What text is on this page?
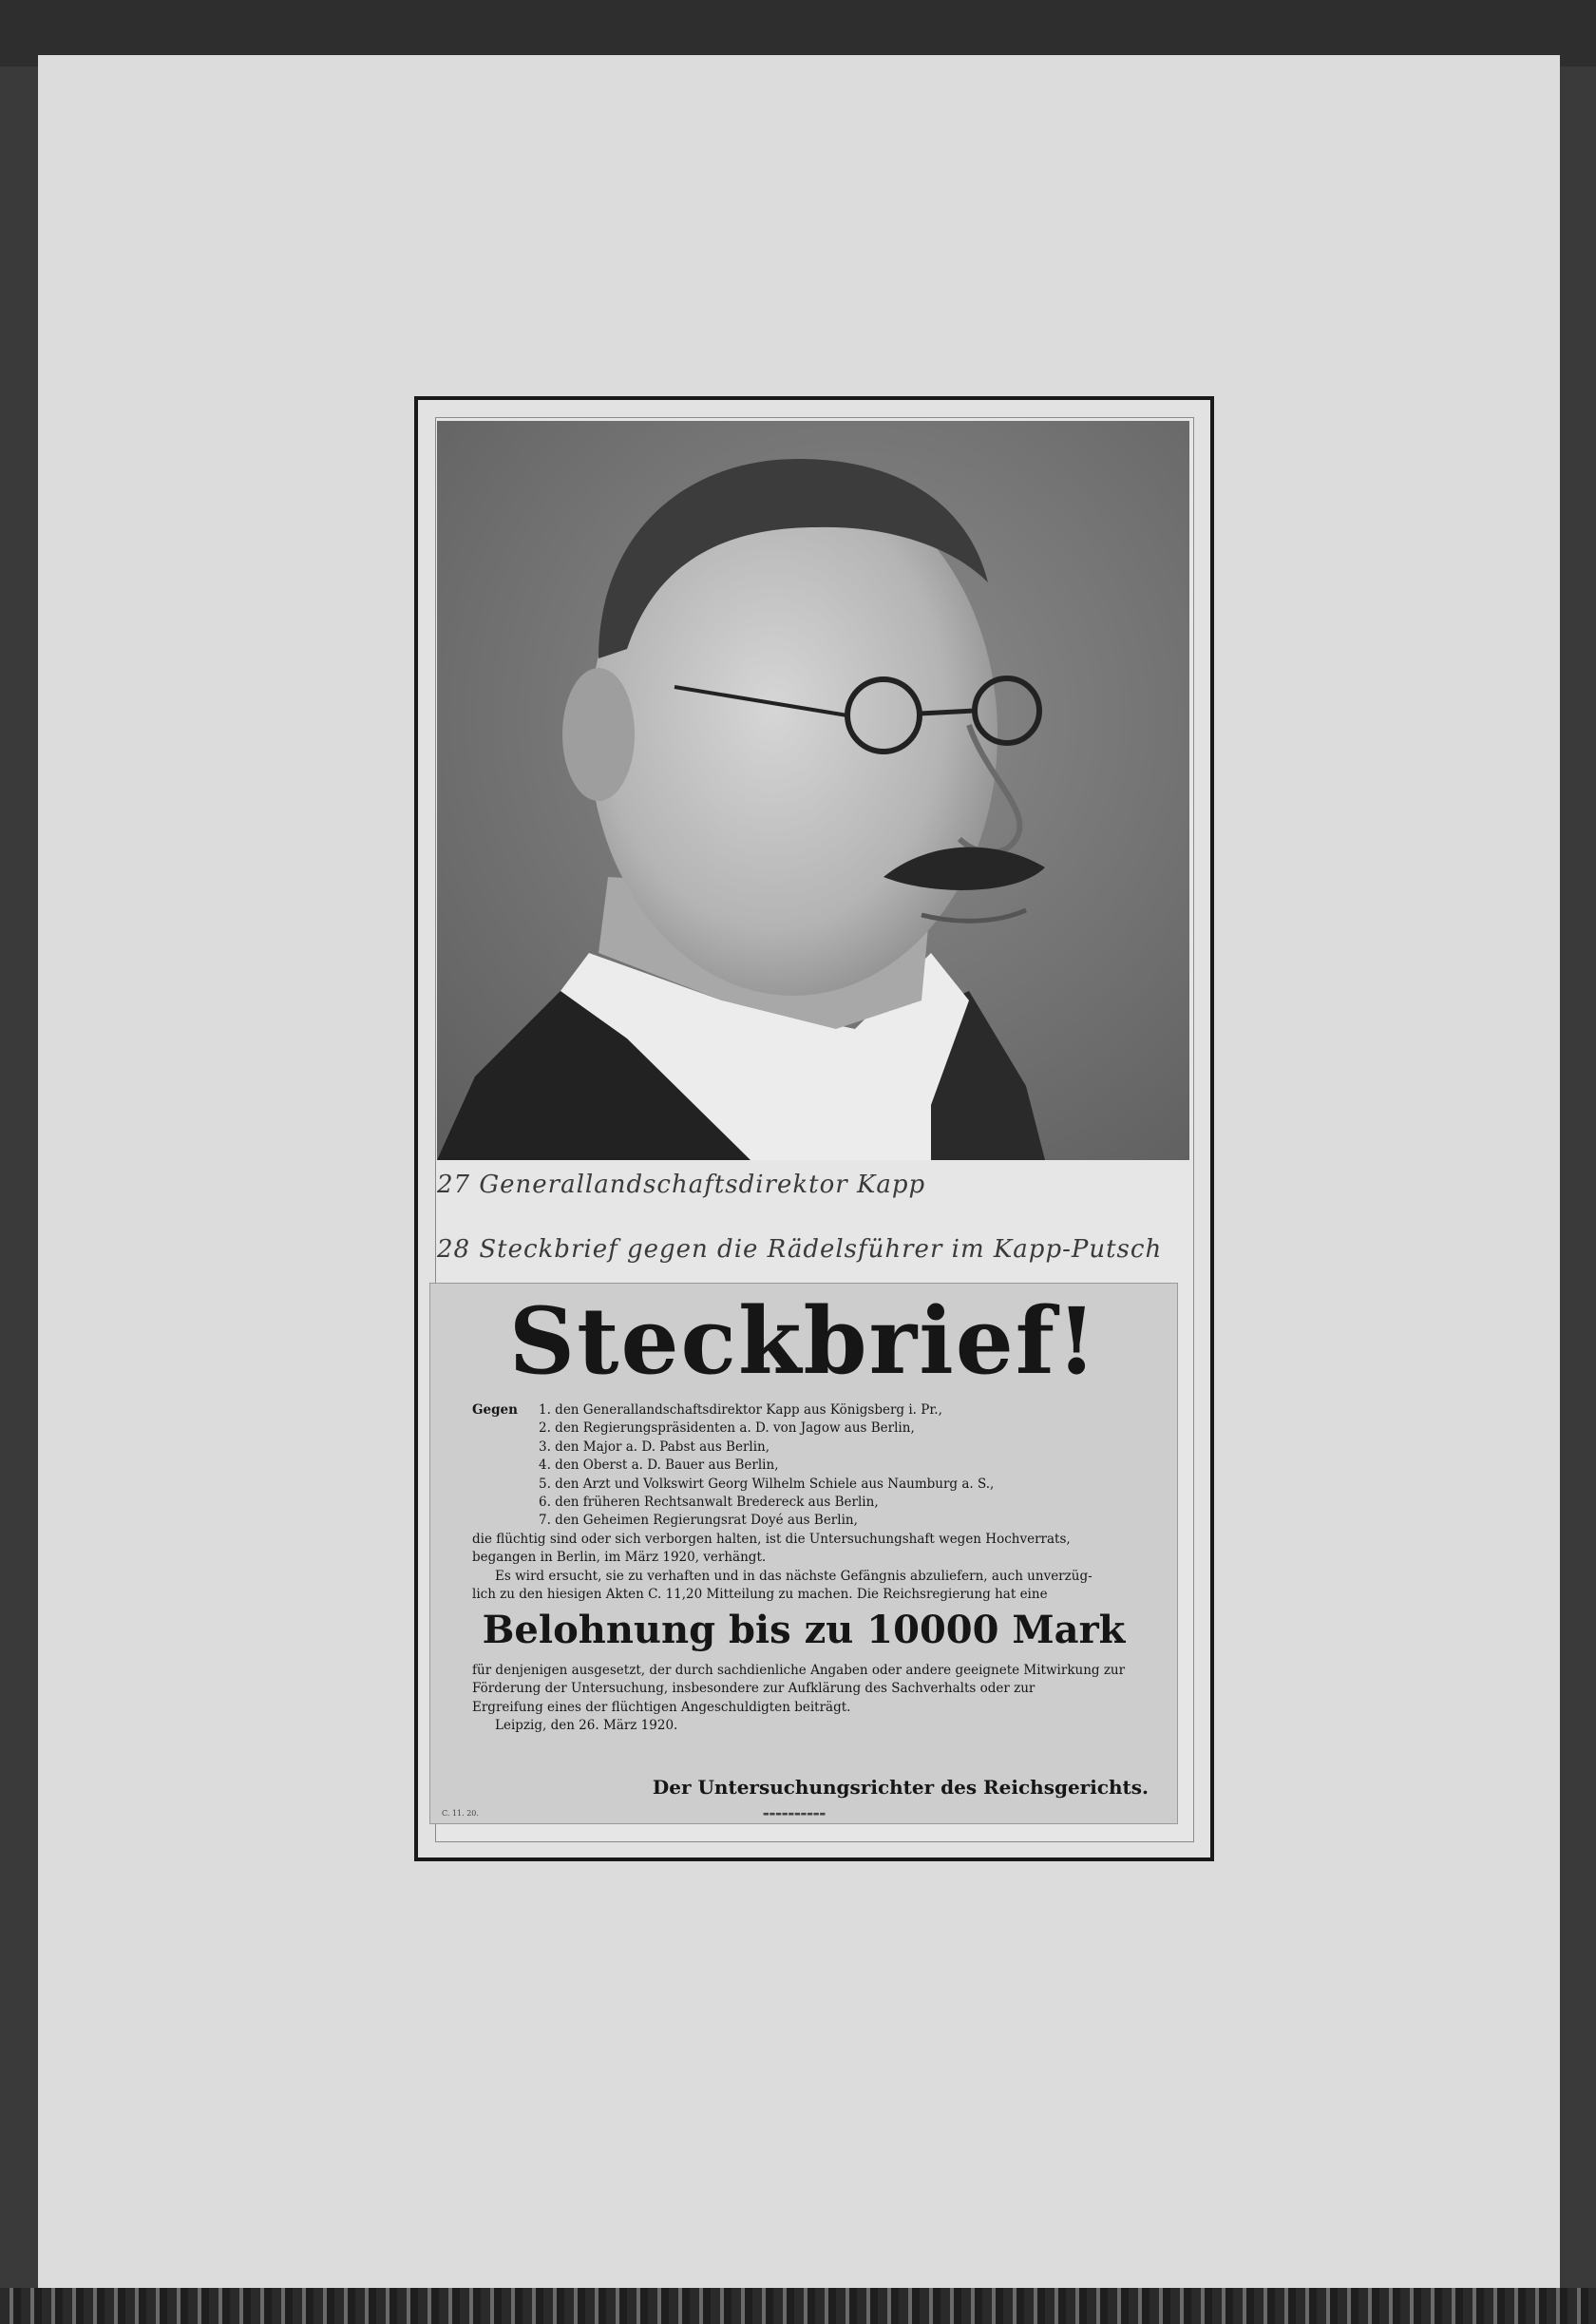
27 Generallandschaftsdirektor Kapp
28 Steckbrief gegen die Rädelsführer im Kapp-Putsch
Steckbrief!
Gegen	1. den Generallandschaftsdirektor Kapp aus Königsberg i. Pr.,
2. den Regierungspräsidenten a. D. von Jagow aus Berlin,
3. den Major a. D. Pabst aus Berlin,
4. den Oberst a. D. Bauer aus Berlin,
5. den Arzt und Volkswirt Georg Wilhelm Schiele aus Naumburg a. S.,
6. den früheren Rechtsanwalt Bredereck aus Berlin,
7. den Geheimen Regierungsrat Doyé aus Berlin,
die flüchtig sind oder sich verborgen halten, ist die Untersuchungshaft wegen Hochverrats,
begangen in Berlin, im März 1920, verhängt.
Es wird ersucht, sie zu verhaften und in das nächste Gefängnis abzuliefern, auch unverzüg-
lich zu den hiesigen Akten C. 11,20 Mitteilung zu machen. Die Reichsregierung hat eine
Belohnung bis zu 10000 Mark
für denjenigen ausgesetzt, der durch sachdienliche Angaben oder andere geeignete Mitwirkung zur
Förderung der Untersuchung, insbesondere zur Aufklärung des Sachverhalts oder zur
Ergreifung eines der flüchtigen Angeschuldigten beiträgt.
Leipzig, den 26. März 1920.
Der Untersuchungsrichter des Reichsgerichts.
C. 11. 20.	▬▬▬▬▬▬▬▬▬▬
